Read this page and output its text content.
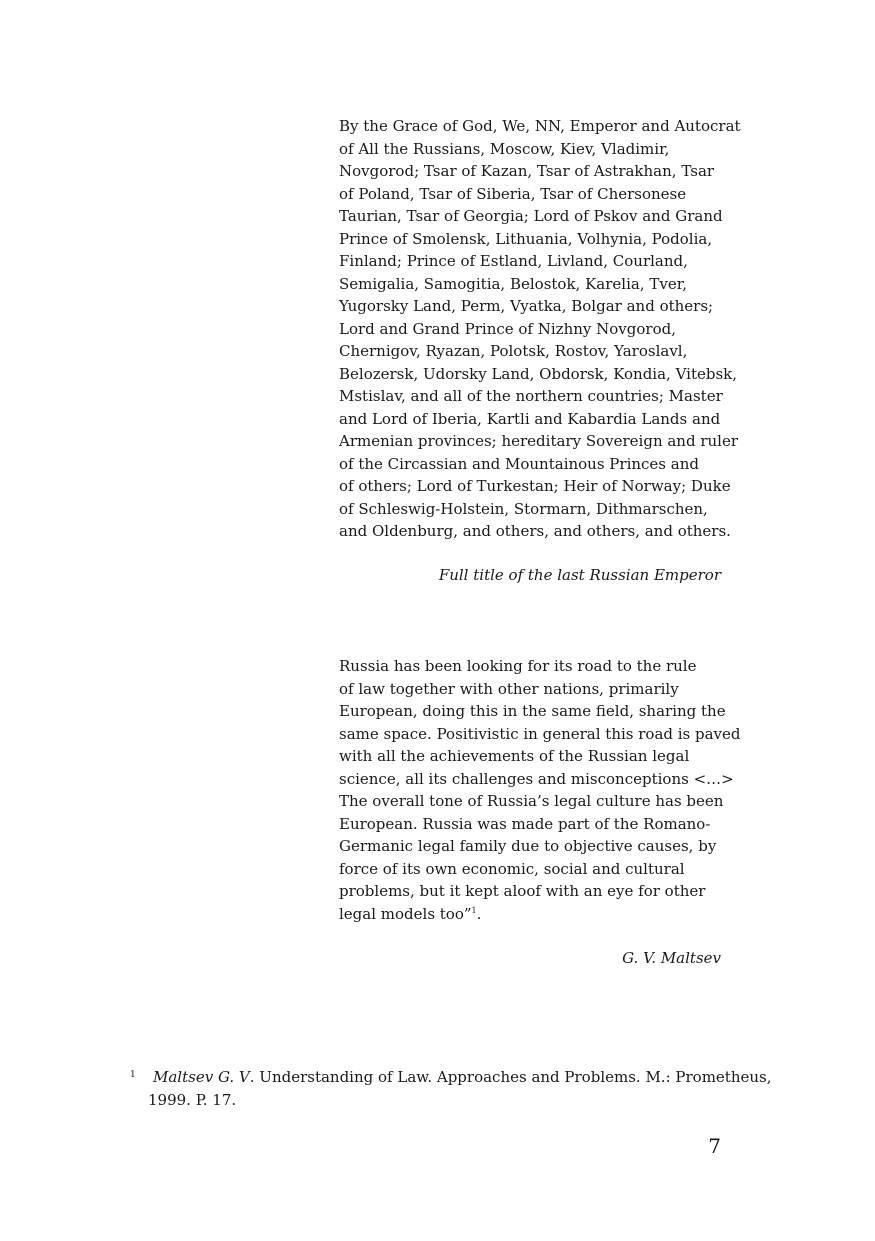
By the Grace of God, We, NN, Emperor and Autocrat
of All the Russians, Moscow, Kiev, Vladimir,
Novgorod; Tsar of Kazan, Tsar of Astrakhan, Tsar
of Poland, Tsar of Siberia, Tsar of Chersonese
Taurian, Tsar of Georgia; Lord of Pskov and Grand
Prince of Smolensk, Lithuania, Volhynia, Podolia,
Finland; Prince of Estland, Livland, Courland,
Semigalia, Samogitia, Belostok, Karelia, Tver,
Yugorsky Land, Perm, Vyatka, Bolgar and others;
Lord and Grand Prince of Nizhny Novgorod,
Chernigov, Ryazan, Polotsk, Rostov, Yaroslavl,
Belozersk, Udorsky Land, Obdorsk, Kondia, Vitebsk,
Mstislav, and all of the northern countries; Master
and Lord of Iberia, Kartli and Kabardia Lands and
Armenian provinces; hereditary Sovereign and ruler
of the Circassian and Mountainous Princes and
of others; Lord of Turkestan; Heir of Norway; Duke
of Schleswig-Holstein, Stormarn, Dithmarschen,
and Oldenburg, and others, and others, and others.
Full title of the last Russian Emperor
Russia has been looking for its road to the rule
of law together with other nations, primarily
European, doing this in the same field, sharing the
same space. Positivistic in general this road is paved
with all the achievements of the Russian legal
science, all its challenges and misconceptions <…>
The overall tone of Russia’s legal culture has been
European. Russia was made part of the Romano-
Germanic legal family due to objective causes, by
force of its own economic, social and cultural
problems, but it kept aloof with an eye for other
legal models too”$^1$.
G. V. Maltsev
1	Maltsev G. V. Understanding of Law. Approaches and Problems. M.: Prometheus,
1999. P. 17.
7
